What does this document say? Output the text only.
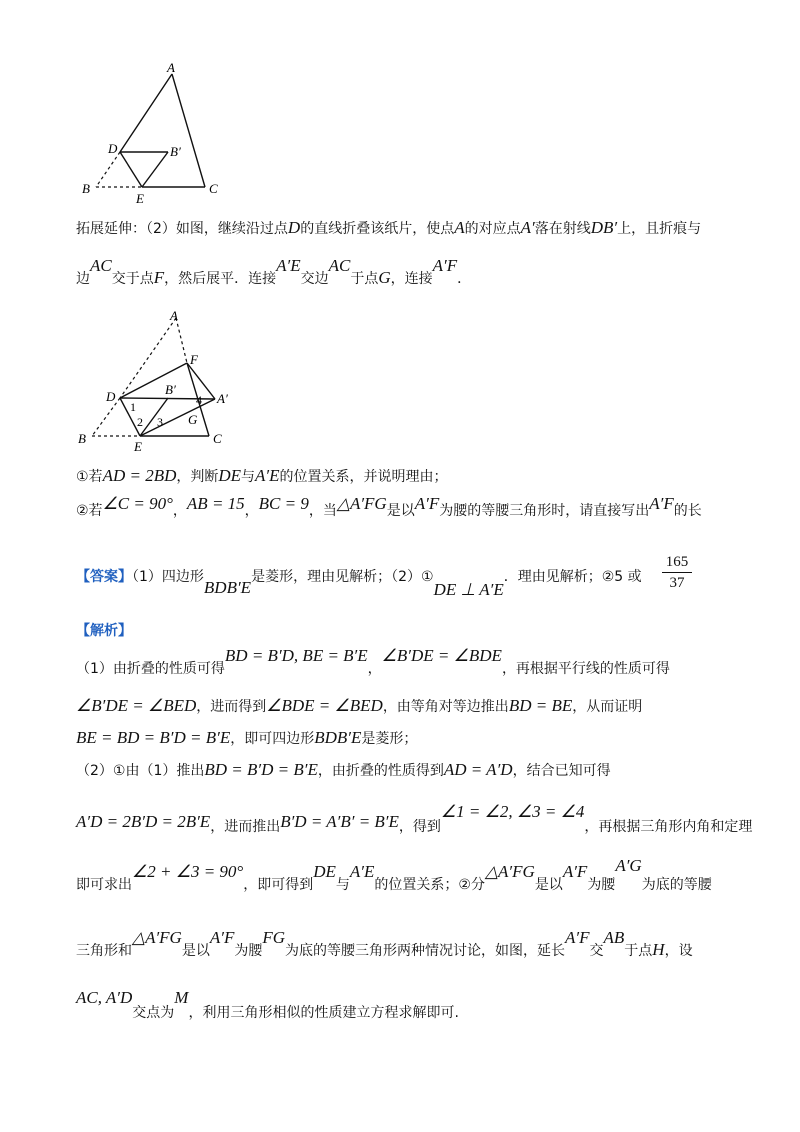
A
D	B′
B
E
C
拓展延伸：（2）如图，继续沿过点D的直线折叠该纸片，使点A的对应点A′落在射线DB′上，且折痕与
边AC交于点F，然后展平．连接A′E交边AC于点G，连接A′F．
A
F
B′
D	A′
1	4
2 3 G
B
E
C
①若AD = 2BD，判断DE与A′E的位置关系，并说明理由；
②若∠C = 90°，AB = 15，BC = 9，当△A′FG是以A′F为腰的等腰三角形时，请直接写出A′F的长
【答案】（1）四边形BDB′E是菱形，理由见解析；（2）①DE ⊥ A′E．理由见解析；②5 或 $\frac{165}{37}$
【解析】
（1）由折叠的性质可得BD = B′D, BE = B′E，∠B′DE = ∠BDE，再根据平行线的性质可得
∠B′DE = ∠BED，进而得到∠BDE = ∠BED，由等角对等边推出BD = BE，从而证明
BE = BD = B′D = B′E，即可四边形BDB′E是菱形；
（2）①由（1）推出BD = B′D = B′E，由折叠的性质得到AD = A′D，结合已知可得
A′D = 2B′D = 2B′E，进而推出B′D = A′B′ = B′E，得到∠1 = ∠2, ∠3 = ∠4，再根据三角形内角和定理
即可求出∠2 + ∠3 = 90°，即可得到DE与A′E的位置关系；②分△A′FG是以A′F为腰A′G为底的等腰
三角形和△A′FG是以A′F为腰FG为底的等腰三角形两种情况讨论，如图，延长A′F交AB于点H，设
AC, A′D交点为M，利用三角形相似的性质建立方程求解即可.
